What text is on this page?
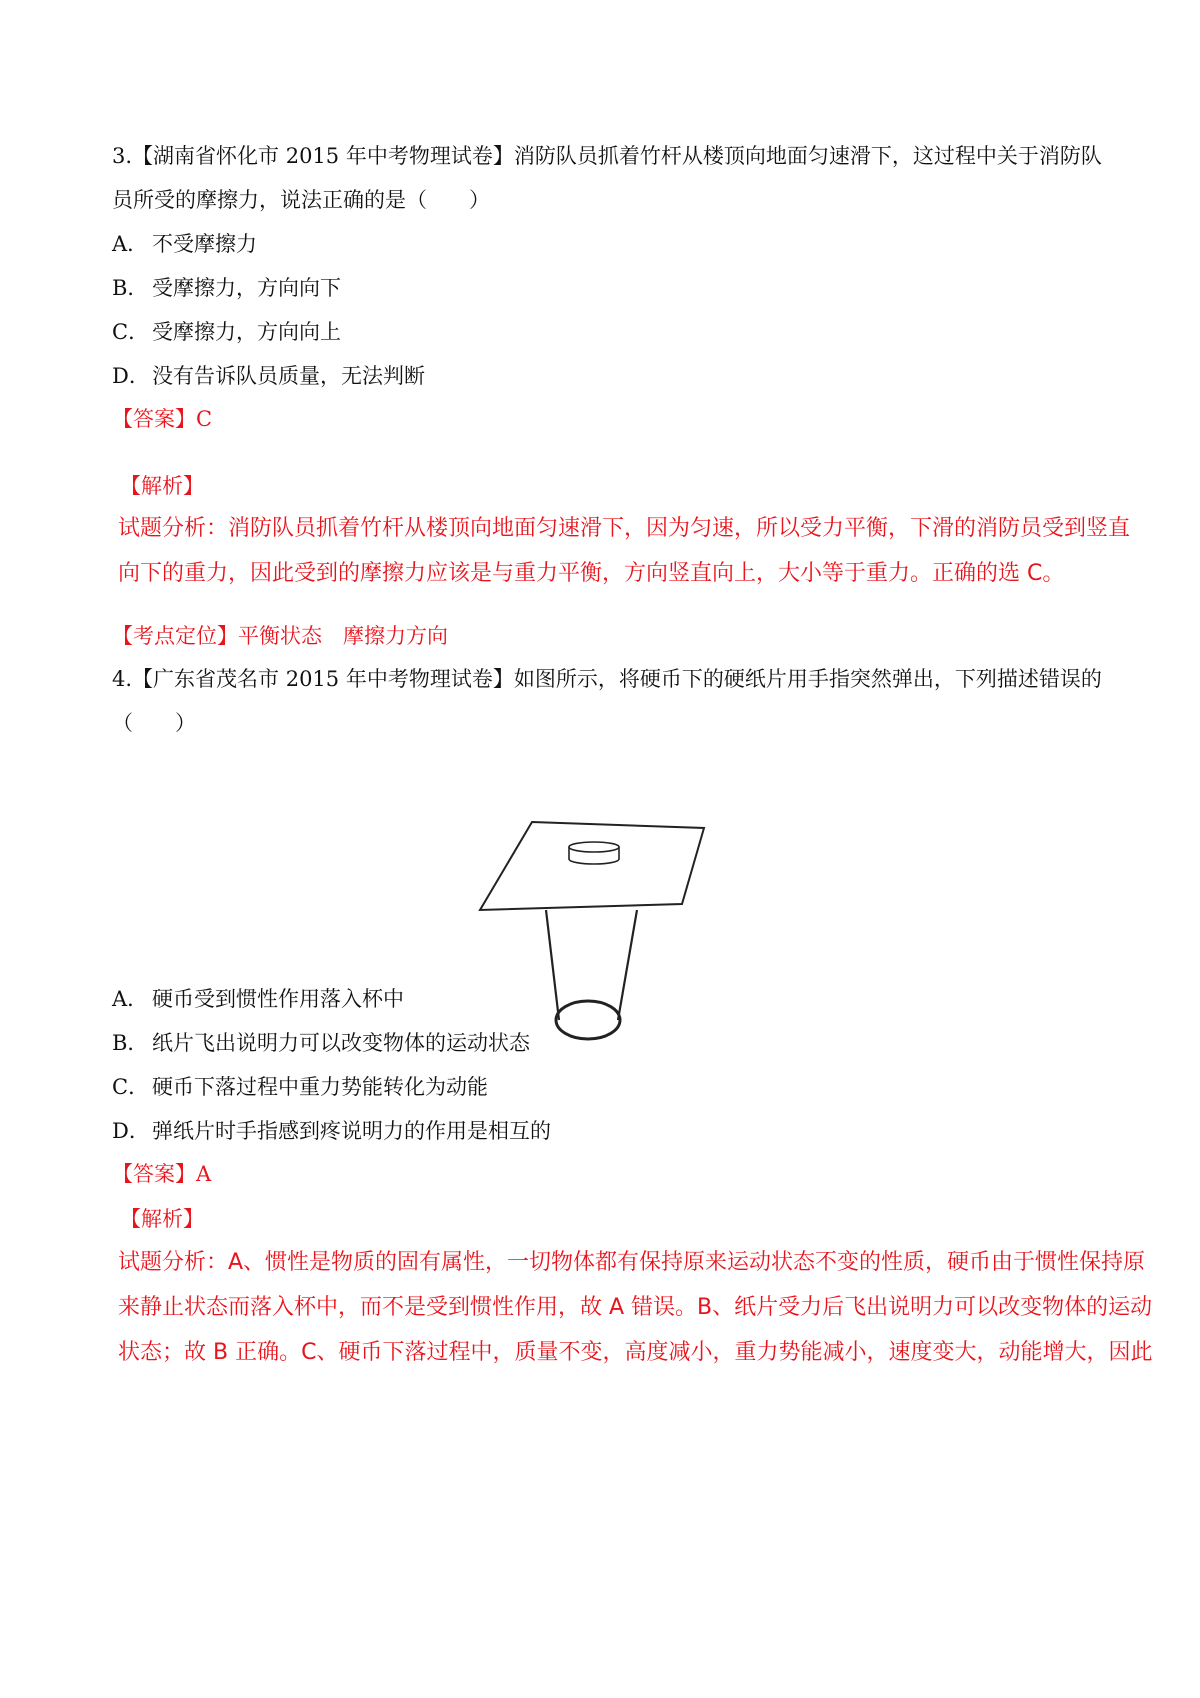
3.【湖南省怀化市 2015 年中考物理试卷】消防队员抓着竹杆从楼顶向地面匀速滑下，这过程中关于消防队
员所受的摩擦力，说法正确的是（　　）
A． 不受摩擦力
B． 受摩擦力，方向向下
C． 受摩擦力，方向向上
D． 没有告诉队员质量，无法判断
【答案】C
【解析】
试题分析：消防队员抓着竹杆从楼顶向地面匀速滑下，因为匀速，所以受力平衡，下滑的消防员受到竖直
向下的重力，因此受到的摩擦力应该是与重力平衡，方向竖直向上，大小等于重力。正确的选 C。
【考点定位】平衡状态　摩擦力方向
4.【广东省茂名市 2015 年中考物理试卷】如图所示，将硬币下的硬纸片用手指突然弹出，下列描述错误的
（　　）
A． 硬币受到惯性作用落入杯中
B． 纸片飞出说明力可以改变物体的运动状态
C． 硬币下落过程中重力势能转化为动能
D． 弹纸片时手指感到疼说明力的作用是相互的
【答案】A
【解析】
试题分析：A、惯性是物质的固有属性，一切物体都有保持原来运动状态不变的性质，硬币由于惯性保持原
来静止状态而落入杯中，而不是受到惯性作用，故 A 错误。B、纸片受力后飞出说明力可以改变物体的运动
状态；故 B 正确。C、硬币下落过程中，质量不变，高度减小，重力势能减小，速度变大，动能增大，因此
